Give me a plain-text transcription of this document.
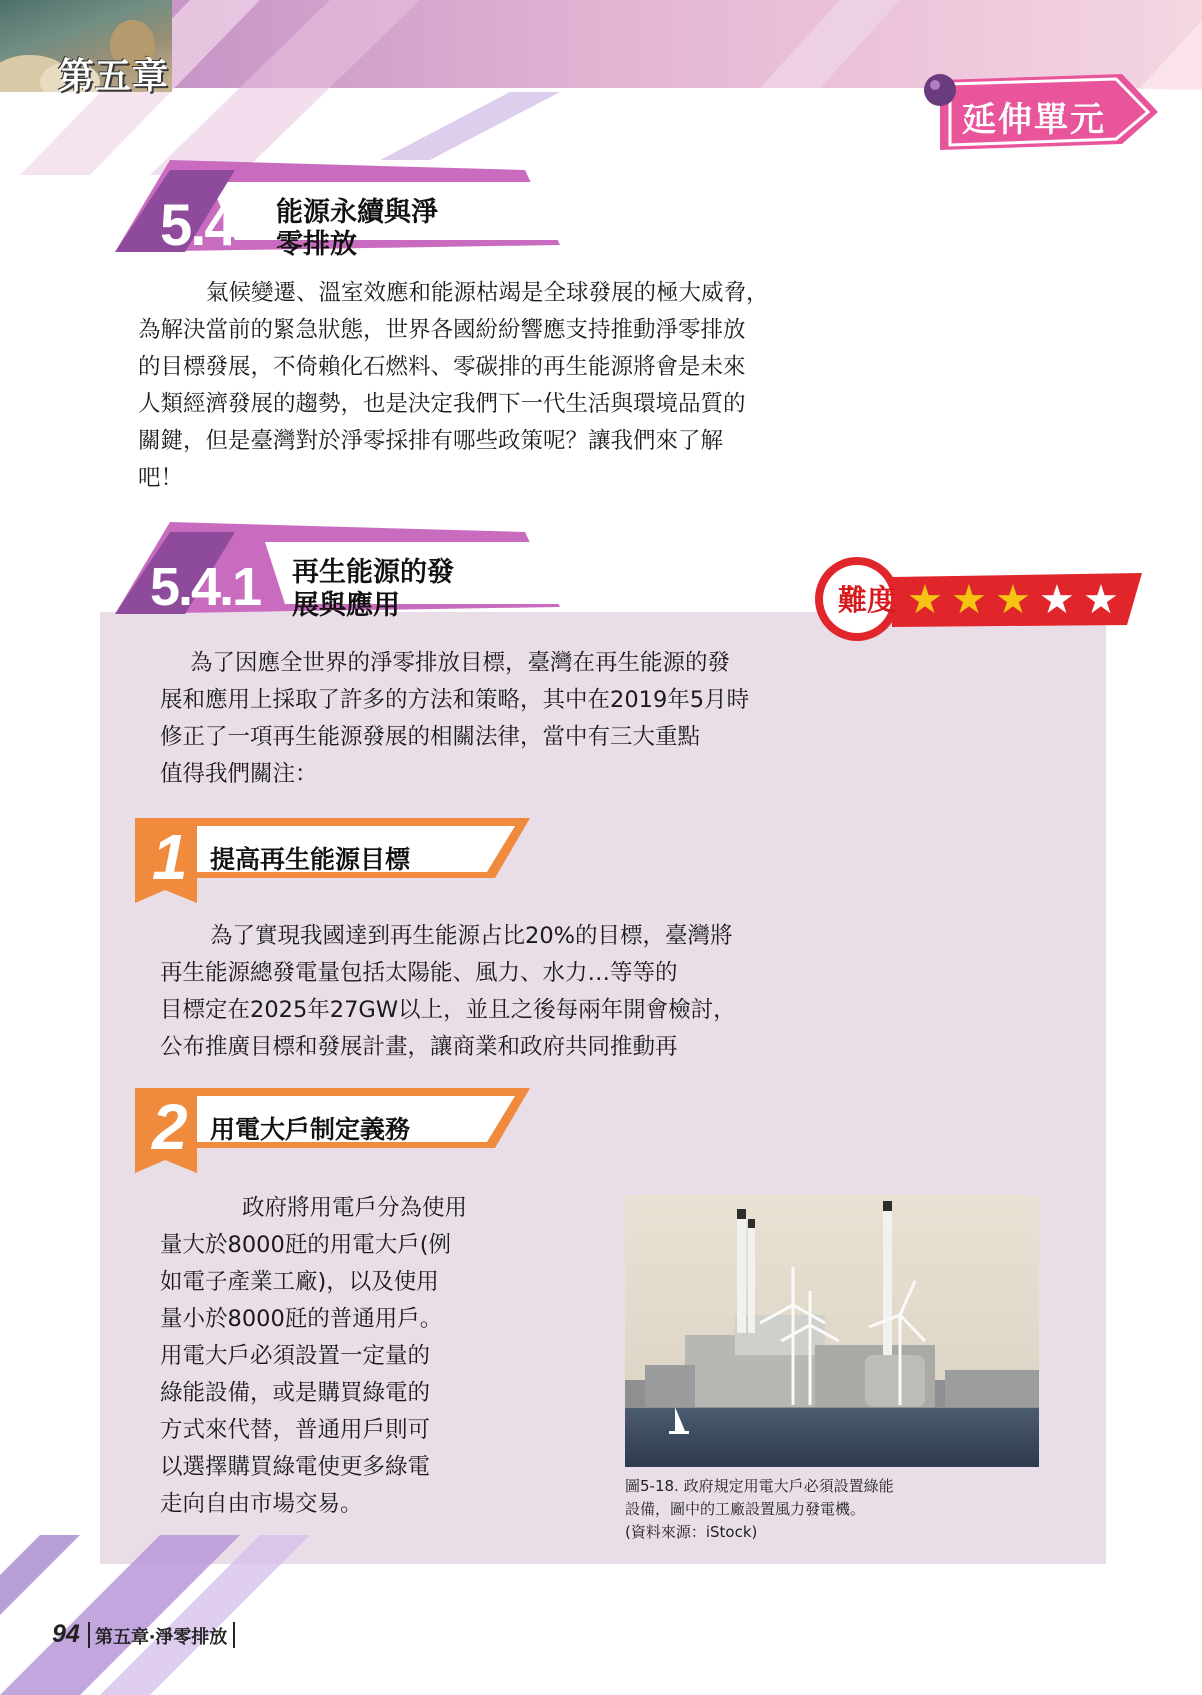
第五章
延伸單元
5.4 能源永續與淨
零排放
氣候變遷、溫室效應和能源枯竭是全球發展的極大威脅，
為解決當前的緊急狀態，世界各國紛紛響應支持推動淨零排放
的目標發展，不倚賴化石燃料、零碳排的再生能源將會是未來
人類經濟發展的趨勢，也是決定我們下一代生活與環境品質的
關鍵，但是臺灣對於淨零採排有哪些政策呢？讓我們來了解
吧！
5.4.1 再生能源的發
展與應用	難度 ★ ★ ★ ★ ★
為了因應全世界的淨零排放目標，臺灣在再生能源的發
展和應用上採取了許多的方法和策略，其中在2019年5月時
修正了一項再生能源發展的相關法律，當中有三大重點
值得我們關注：
1 提高再生能源目標
為了實現我國達到再生能源占比20%的目標，臺灣將
再生能源總發電量包括太陽能、風力、水力…等等的
目標定在2025年27GW以上，並且之後每兩年開會檢討，
公布推廣目標和發展計畫，讓商業和政府共同推動再
2 用電大戶制定義務
政府將用電戶分為使用
量大於8000瓩的用電大戶(例
如電子產業工廠)，以及使用
量小於8000瓩的普通用戶。
用電大戶必須設置一定量的
綠能設備，或是購買綠電的
方式來代替，普通用戶則可
以選擇購買綠電使更多綠電
走向自由市場交易。
圖5-18. 政府規定用電大戶必須設置綠能
設備，圖中的工廠設置風力發電機。
(資料來源：iStock)
94 第五章‧淨零排放
